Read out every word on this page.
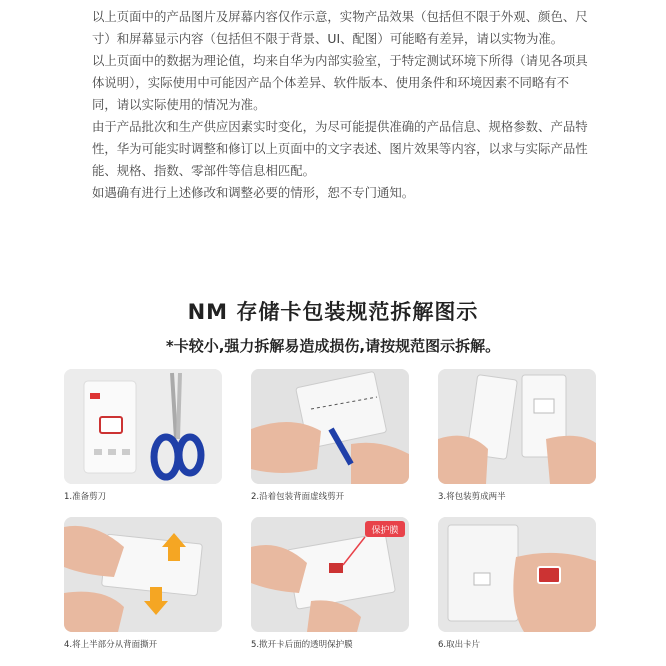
以上页面中的产品图片及屏幕内容仅作示意，实物产品效果（包括但不限于外观、颜色、尺寸）和屏幕显示内容（包括但不限于背景、UI、配图）可能略有差异，请以实物为准。

以上页面中的数据为理论值，均来自华为内部实验室，于特定测试环境下所得（请见各项具体说明），实际使用中可能因产品个体差异、软件版本、使用条件和环境因素不同略有不同，请以实际使用的情况为准。

由于产品批次和生产供应因素实时变化，为尽可能提供准确的产品信息、规格参数、产品特性，华为可能实时调整和修订以上页面中的文字表述、图片效果等内容，以求与实际产品性能、规格、指数、零部件等信息相匹配。

如遇确有进行上述修改和调整必要的情形，恕不专门通知。

NM 存储卡包装规范拆解图示
*卡较小,强力拆解易造成损伤,请按规范图示拆解。
1.准备剪刀	2.沿着包装背面虚线剪开	3.将包装剪成两半
4.将上半部分从背面撕开
保护膜
5.揿开卡后面的透明保护膜	6.取出卡片
